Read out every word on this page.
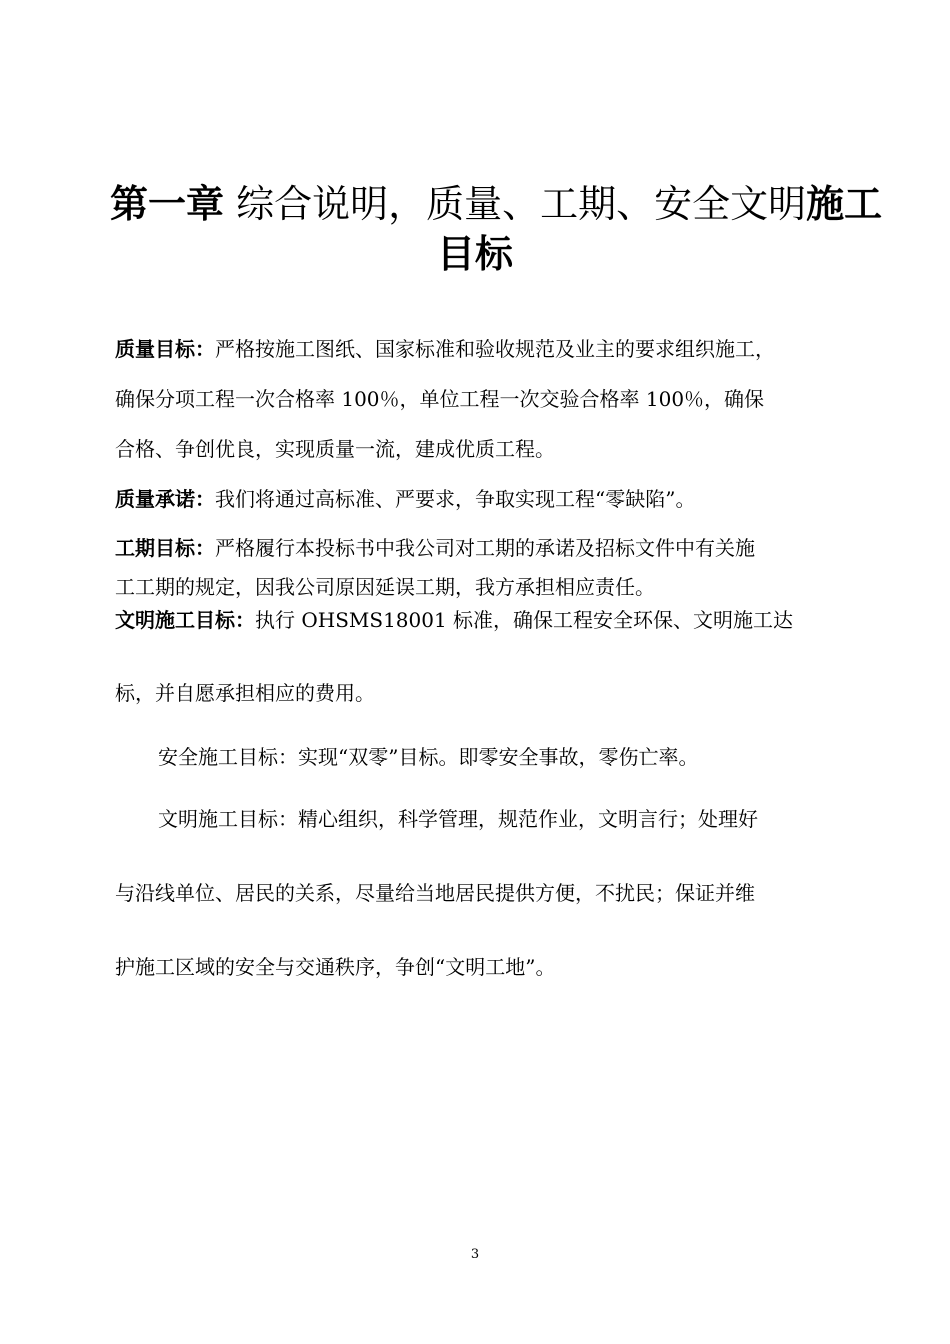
第一章 综合说明，质量、工期、安全文明施工
目标
质量目标：严格按施工图纸、国家标准和验收规范及业主的要求组织施工，
确保分项工程一次合格率 100％，单位工程一次交验合格率 100％，确保
合格、争创优良，实现质量一流，建成优质工程。
质量承诺：我们将通过高标准、严要求，争取实现工程“零缺陷”。
工期目标：严格履行本投标书中我公司对工期的承诺及招标文件中有关施
工工期的规定，因我公司原因延误工期，我方承担相应责任。
文明施工目标：执行 OHSMS18001 标准，确保工程安全环保、文明施工达
标，并自愿承担相应的费用。
安全施工目标：实现“双零”目标。即零安全事故，零伤亡率。
文明施工目标：精心组织，科学管理，规范作业，文明言行；处理好
与沿线单位、居民的关系，尽量给当地居民提供方便，不扰民；保证并维
护施工区域的安全与交通秩序，争创“文明工地”。
3
